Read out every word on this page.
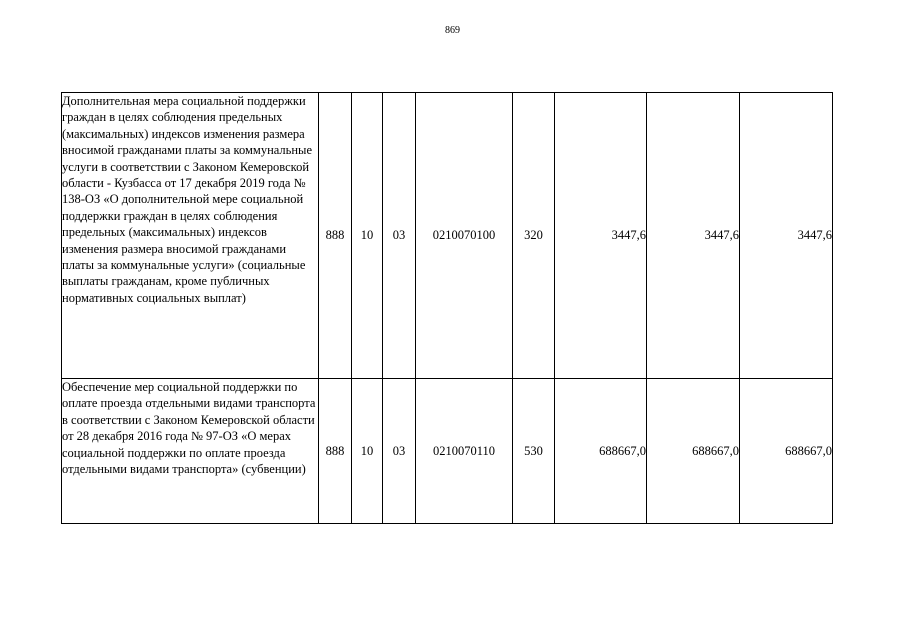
869
Дополнительная мера социальной поддержки граждан в целях соблюдения предельных (максимальных) индексов изменения размера вносимой гражданами платы за коммунальные услуги в соответствии с Законом Кемеровской области - Кузбасса от 17 декабря 2019 года № 138-ОЗ «О дополнительной мере социальной поддержки граждан в целях соблюдения предельных (максимальных) индексов изменения размера вносимой гражданами платы за коммунальные услуги» (социальные выплаты гражданам, кроме публичных нормативных социальных выплат)	888	10	03	0210070100	320	3447,6	3447,6	3447,6
Обеспечение мер социальной поддержки по оплате проезда отдельными видами транспорта в соответствии с Законом Кемеровской области от 28 декабря 2016 года № 97-ОЗ «О мерах социальной поддержки по оплате проезда отдельными видами транспорта» (субвенции)	888	10	03	0210070110	530	688667,0	688667,0	688667,0
